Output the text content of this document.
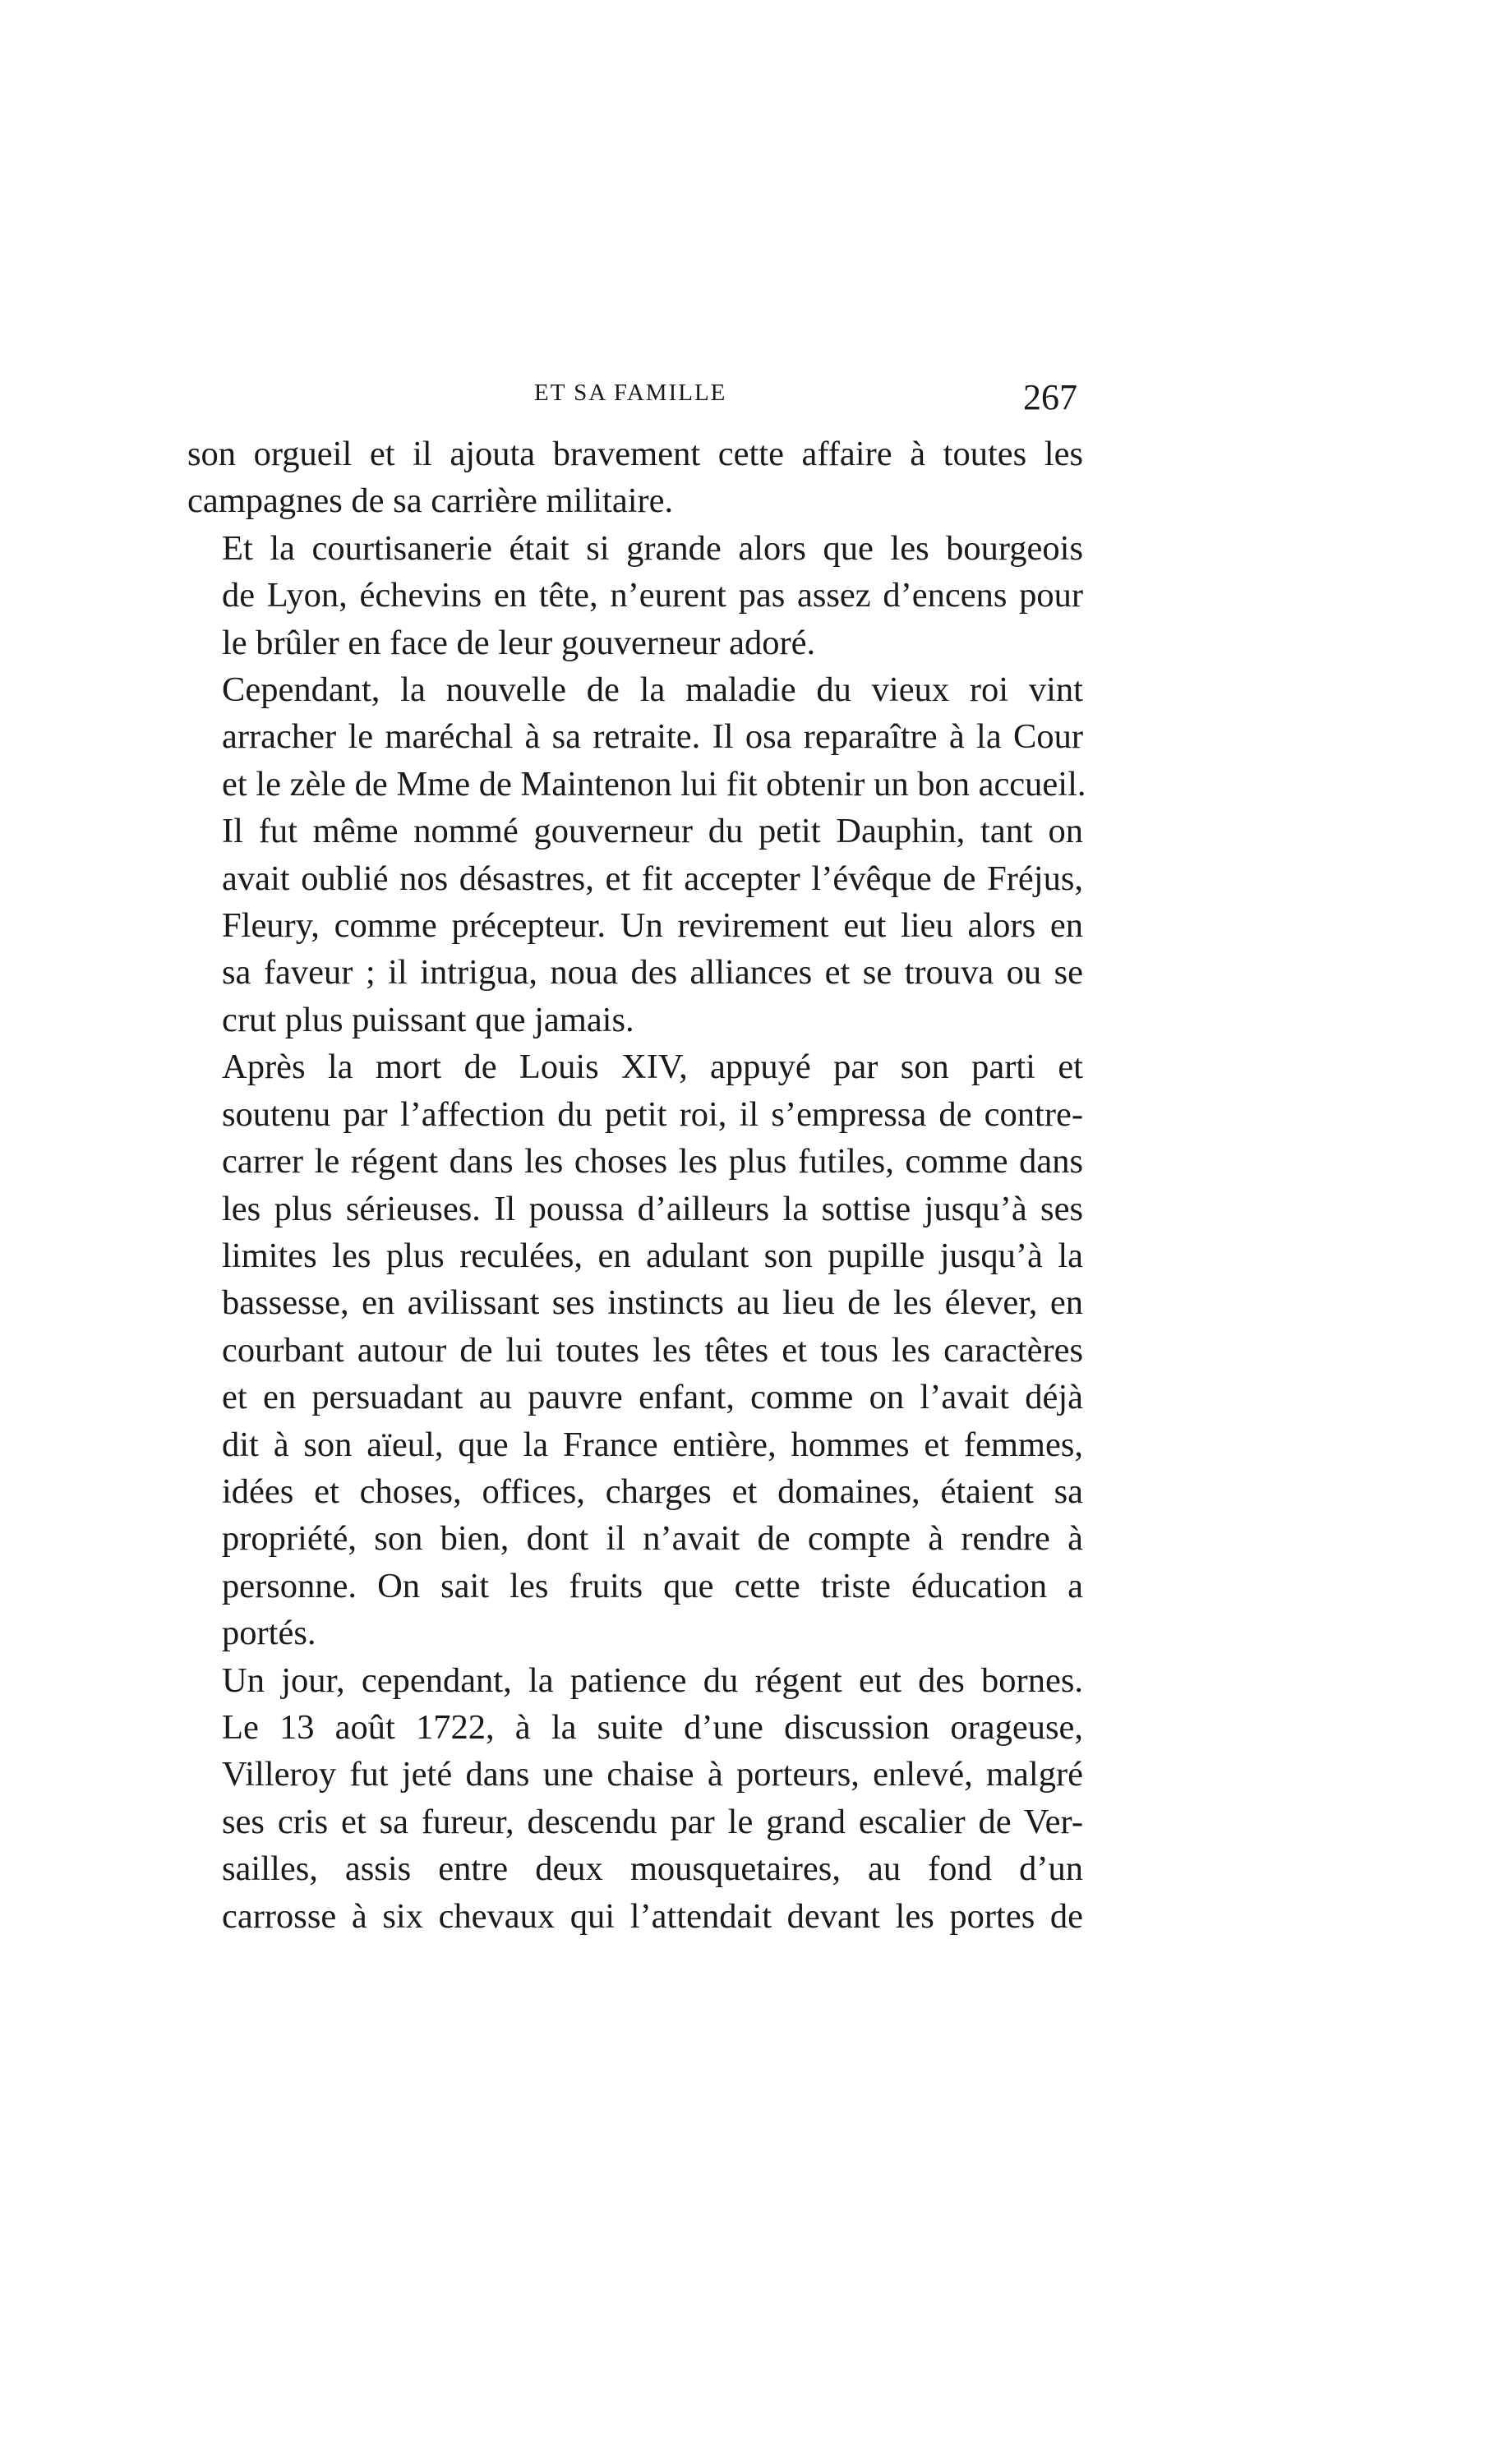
ET SA FAMILLE	267

son orgueil et il ajouta bravement cette affaire à toutes les
campagnes de sa carrière militaire.

Et la courtisanerie était si grande alors que les bourgeois
de Lyon, échevins en tête, n’eurent pas assez d’encens pour
le brûler en face de leur gouverneur adoré.

Cependant, la nouvelle de la maladie du vieux roi vint
arracher le maréchal à sa retraite. Il osa reparaître à la Cour
et le zèle de Mme de Maintenon lui fit obtenir un bon accueil.
Il fut même nommé gouverneur du petit Dauphin, tant on
avait oublié nos désastres, et fit accepter l’évêque de Fréjus,
Fleury, comme précepteur. Un revirement eut lieu alors en
sa faveur ; il intrigua, noua des alliances et se trouva ou se
crut plus puissant que jamais.

Après la mort de Louis XIV, appuyé par son parti et
soutenu par l’affection du petit roi, il s’empressa de contre-
carrer le régent dans les choses les plus futiles, comme dans
les plus sérieuses. Il poussa d’ailleurs la sottise jusqu’à ses
limites les plus reculées, en adulant son pupille jusqu’à la
bassesse, en avilissant ses instincts au lieu de les élever, en
courbant autour de lui toutes les têtes et tous les caractères
et en persuadant au pauvre enfant, comme on l’avait déjà
dit à son aïeul, que la France entière, hommes et femmes,
idées et choses, offices, charges et domaines, étaient sa
propriété, son bien, dont il n’avait de compte à rendre à
personne. On sait les fruits que cette triste éducation a
portés.

Un jour, cependant, la patience du régent eut des bornes.
Le 13 août 1722, à la suite d’une discussion orageuse,
Villeroy fut jeté dans une chaise à porteurs, enlevé, malgré
ses cris et sa fureur, descendu par le grand escalier de Ver-
sailles, assis entre deux mousquetaires, au fond d’un
carrosse à six chevaux qui l’attendait devant les portes de
